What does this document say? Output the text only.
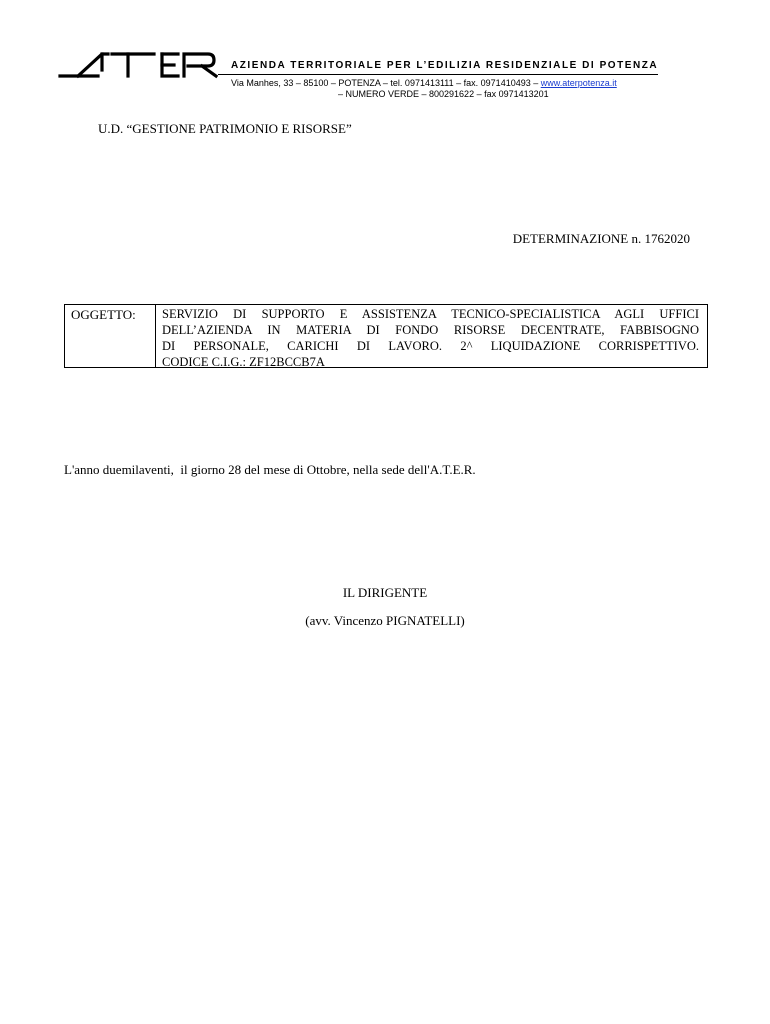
AZIENDA TERRITORIALE PER L’EDILIZIA RESIDENZIALE DI POTENZA
Via Manhes, 33 – 85100 – POTENZA – tel. 0971413111 – fax. 0971410493 – www.aterpotenza.it
– NUMERO VERDE – 800291622 – fax 0971413201
U.D. “GESTIONE PATRIMONIO E RISORSE”
DETERMINAZIONE n. 1762020
OGGETTO:	SERVIZIO DI SUPPORTO E ASSISTENZA TECNICO-SPECIALISTICA AGLI UFFICI
DELL’AZIENDA IN MATERIA DI FONDO RISORSE DECENTRATE, FABBISOGNO
DI PERSONALE, CARICHI DI LAVORO. 2^ LIQUIDAZIONE CORRISPETTIVO.
CODICE C.I.G.: ZF12BCCB7A
L'anno duemilaventi,  il giorno 28 del mese di Ottobre, nella sede dell'A.T.E.R.
IL DIRIGENTE
(avv. Vincenzo PIGNATELLI)
